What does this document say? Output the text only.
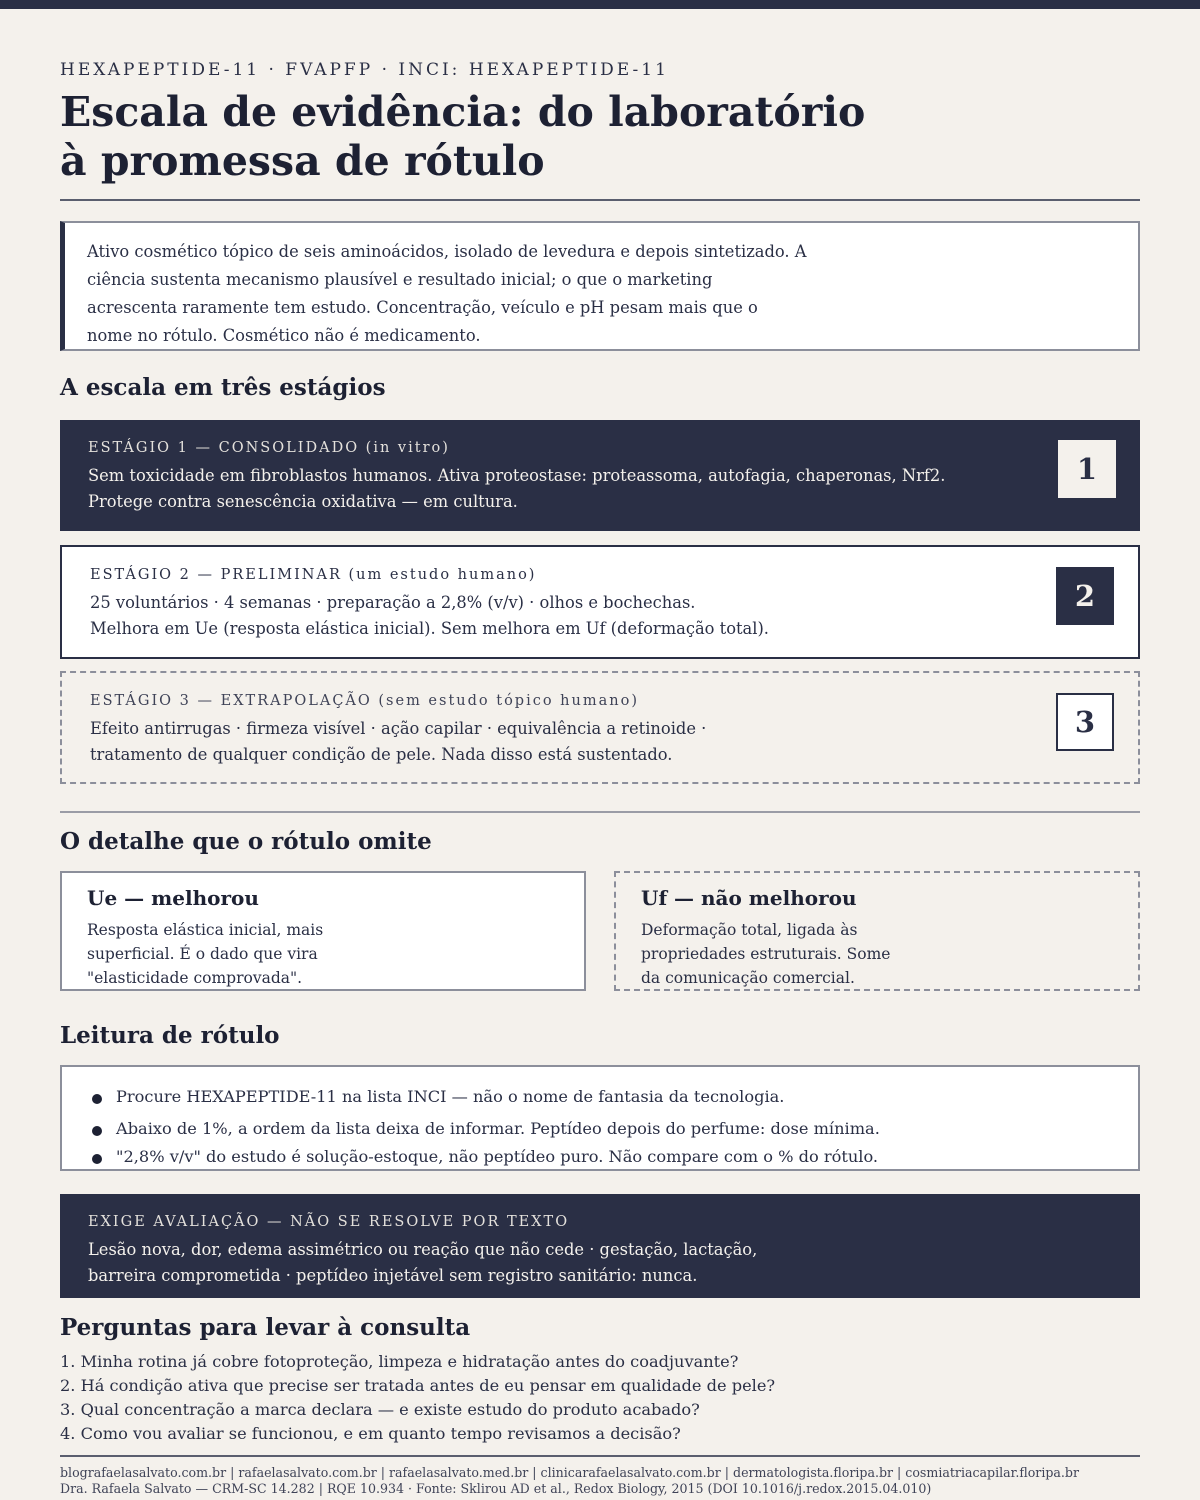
HEXAPEPTIDE-11 · FVAPFP · INCI: HEXAPEPTIDE-11
Escala de evidência: do laboratório
à promessa de rótulo

Ativo cosmético tópico de seis aminoácidos, isolado de levedura e depois sintetizado. A ciência sustenta mecanismo plausível e resultado inicial; o que o marketing acrescenta raramente tem estudo. Concentração, veículo e pH pesam mais que o nome no rótulo. Cosmético não é medicamento.

A escala em três estágios
ESTÁGIO 1 — CONSOLIDADO (in vitro)
Sem toxicidade em fibroblastos humanos. Ativa proteostase: proteassoma, autofagia, chaperonas, Nrf2. Protege contra senescência oxidativa — em cultura.
1
ESTÁGIO 2 — PRELIMINAR (um estudo humano)
25 voluntários · 4 semanas · preparação a 2,8% (v/v) · olhos e bochechas.
Melhora em Ue (resposta elástica inicial). Sem melhora em Uf (deformação total).
2
ESTÁGIO 3 — EXTRAPOLAÇÃO (sem estudo tópico humano)
Efeito antirrugas · firmeza visível · ação capilar · equivalência a retinoide · tratamento de qualquer condição de pele. Nada disso está sustentado.
3
O detalhe que o rótulo omite
Ue — melhorou
Resposta elástica inicial, mais superficial. É o dado que vira "elasticidade comprovada".
Uf — não melhorou
Deformação total, ligada às propriedades estruturais. Some da comunicação comercial.
Leitura de rótulo
Procure HEXAPEPTIDE-11 na lista INCI — não o nome de fantasia da tecnologia.
Abaixo de 1%, a ordem da lista deixa de informar. Peptídeo depois do perfume: dose mínima.
"2,8% v/v" do estudo é solução-estoque, não peptídeo puro. Não compare com o % do rótulo.
EXIGE AVALIAÇÃO — NÃO SE RESOLVE POR TEXTO
Lesão nova, dor, edema assimétrico ou reação que não cede · gestação, lactação, barreira comprometida · peptídeo injetável sem registro sanitário: nunca.
Perguntas para levar à consulta
1. Minha rotina já cobre fotoproteção, limpeza e hidratação antes do coadjuvante?
2. Há condição ativa que precise ser tratada antes de eu pensar em qualidade de pele?
3. Qual concentração a marca declara — e existe estudo do produto acabado?
4. Como vou avaliar se funcionou, e em quanto tempo revisamos a decisão?
blografaelasalvato.com.br | rafaelasalvato.com.br | rafaelasalvato.med.br | clinicarafaelasalvato.com.br | dermatologista.floripa.br | cosmiatriacapilar.floripa.br
Dra. Rafaela Salvato — CRM-SC 14.282 | RQE 10.934 · Fonte: Sklirou AD et al., Redox Biology, 2015 (DOI 10.1016/j.redox.2015.04.010)
